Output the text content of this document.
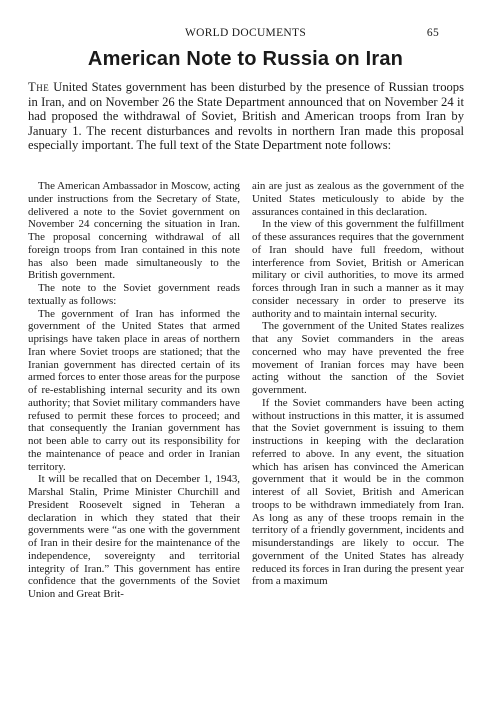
WORLD DOCUMENTS	65
American Note to Russia on Iran

The United States government has been disturbed by the presence of Russian troops in Iran, and on November 26 the State Department announced that on November 24 it had proposed the withdrawal of Soviet, British and American troops from Iran by January 1. The recent disturbances and revolts in northern Iran made this proposal especially important. The full text of the State Department note follows:

The American Ambassador in Moscow, acting under instructions from the Secretary of State, delivered a note to the Soviet government on November 24 concerning the situation in Iran. The proposal concerning withdrawal of all foreign troops from Iran contained in this note has also been made simultaneously to the British government.

The note to the Soviet government reads textually as follows:

The government of Iran has informed the government of the United States that armed uprisings have taken place in areas of northern Iran where Soviet troops are stationed; that the Iranian government has directed certain of its armed forces to enter those areas for the purpose of re-establishing internal security and its own authority; that Soviet military commanders have refused to permit these forces to proceed; and that consequently the Iranian government has not been able to carry out its responsibility for the maintenance of peace and order in Iranian territory.

It will be recalled that on December 1, 1943, Marshal Stalin, Prime Minister Churchill and President Roosevelt signed in Teheran a declaration in which they stated that their governments were “as one with the government of Iran in their desire for the maintenance of the independence, sovereignty and territorial integrity of Iran.” This government has entire confidence that the governments of the Soviet Union and Great Brit-

ain are just as zealous as the government of the United States meticulously to abide by the assurances contained in this declaration.

In the view of this government the fulfillment of these assurances requires that the government of Iran should have full freedom, without interference from Soviet, British or American military or civil authorities, to move its armed forces through Iran in such a manner as it may consider necessary in order to preserve its authority and to maintain internal security.

The government of the United States realizes that any Soviet commanders in the areas concerned who may have prevented the free movement of Iranian forces may have been acting without the sanction of the Soviet government.

If the Soviet commanders have been acting without instructions in this matter, it is assumed that the Soviet government is issuing to them instructions in keeping with the declaration referred to above. In any event, the situation which has arisen has convinced the American government that it would be in the common interest of all Soviet, British and American troops to be withdrawn immediately from Iran. As long as any of these troops remain in the territory of a friendly government, incidents and misunderstandings are likely to occur. The government of the United States has already reduced its forces in Iran during the present year from a maximum
